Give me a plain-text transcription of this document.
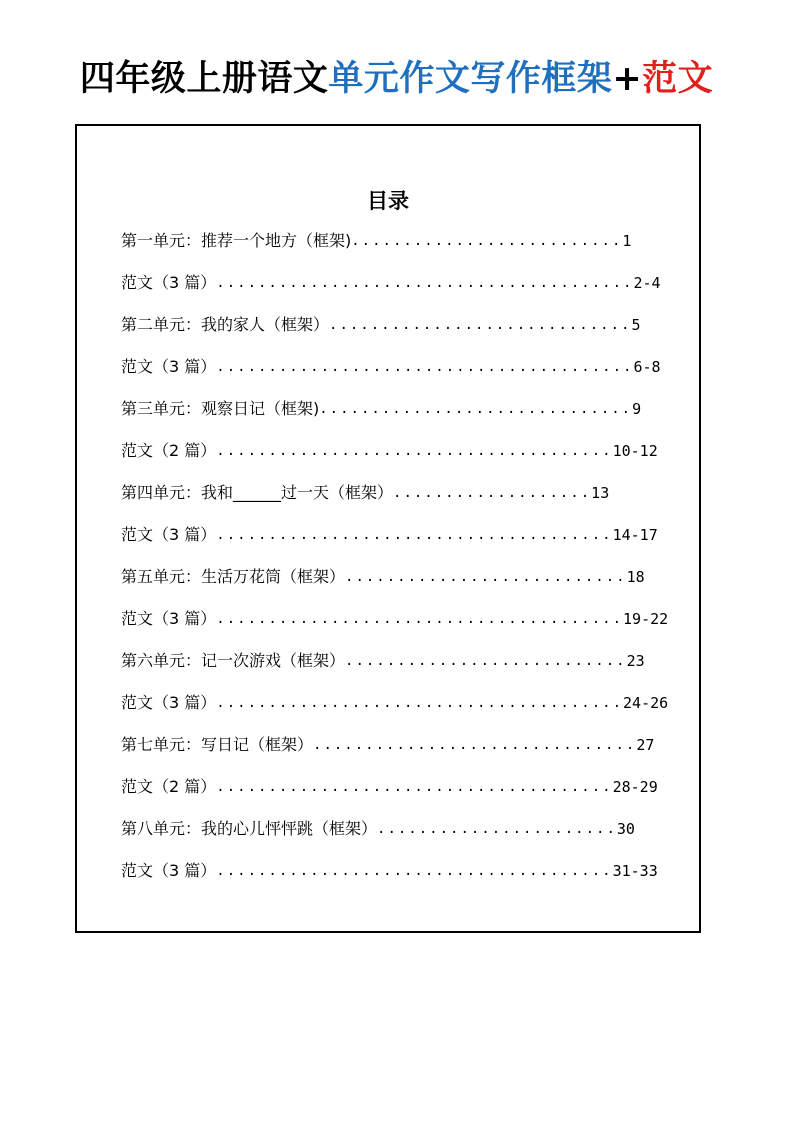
四年级上册语文单元作文写作框架+范文
目录
第一单元：推荐一个地方（框架) .......................... 1
范文（3 篇） ........................................ 2-4
第二单元：我的家人（框架） ............................. 5
范文（3 篇） ........................................ 6-8
第三单元：观察日记（框架) .............................. 9
范文（2 篇） ...................................... 10-12
第四单元：我和______过一天（框架） ................... 13
范文（3 篇） ...................................... 14-17
第五单元：生活万花筒（框架） ........................... 18
范文（3 篇） ....................................... 19-22
第六单元：记一次游戏（框架） ........................... 23
范文（3 篇） ....................................... 24-26
第七单元：写日记（框架） ............................... 27
范文（2 篇） ...................................... 28-29
第八单元：我的心儿怦怦跳（框架） ....................... 30
范文（3 篇） ...................................... 31-33
